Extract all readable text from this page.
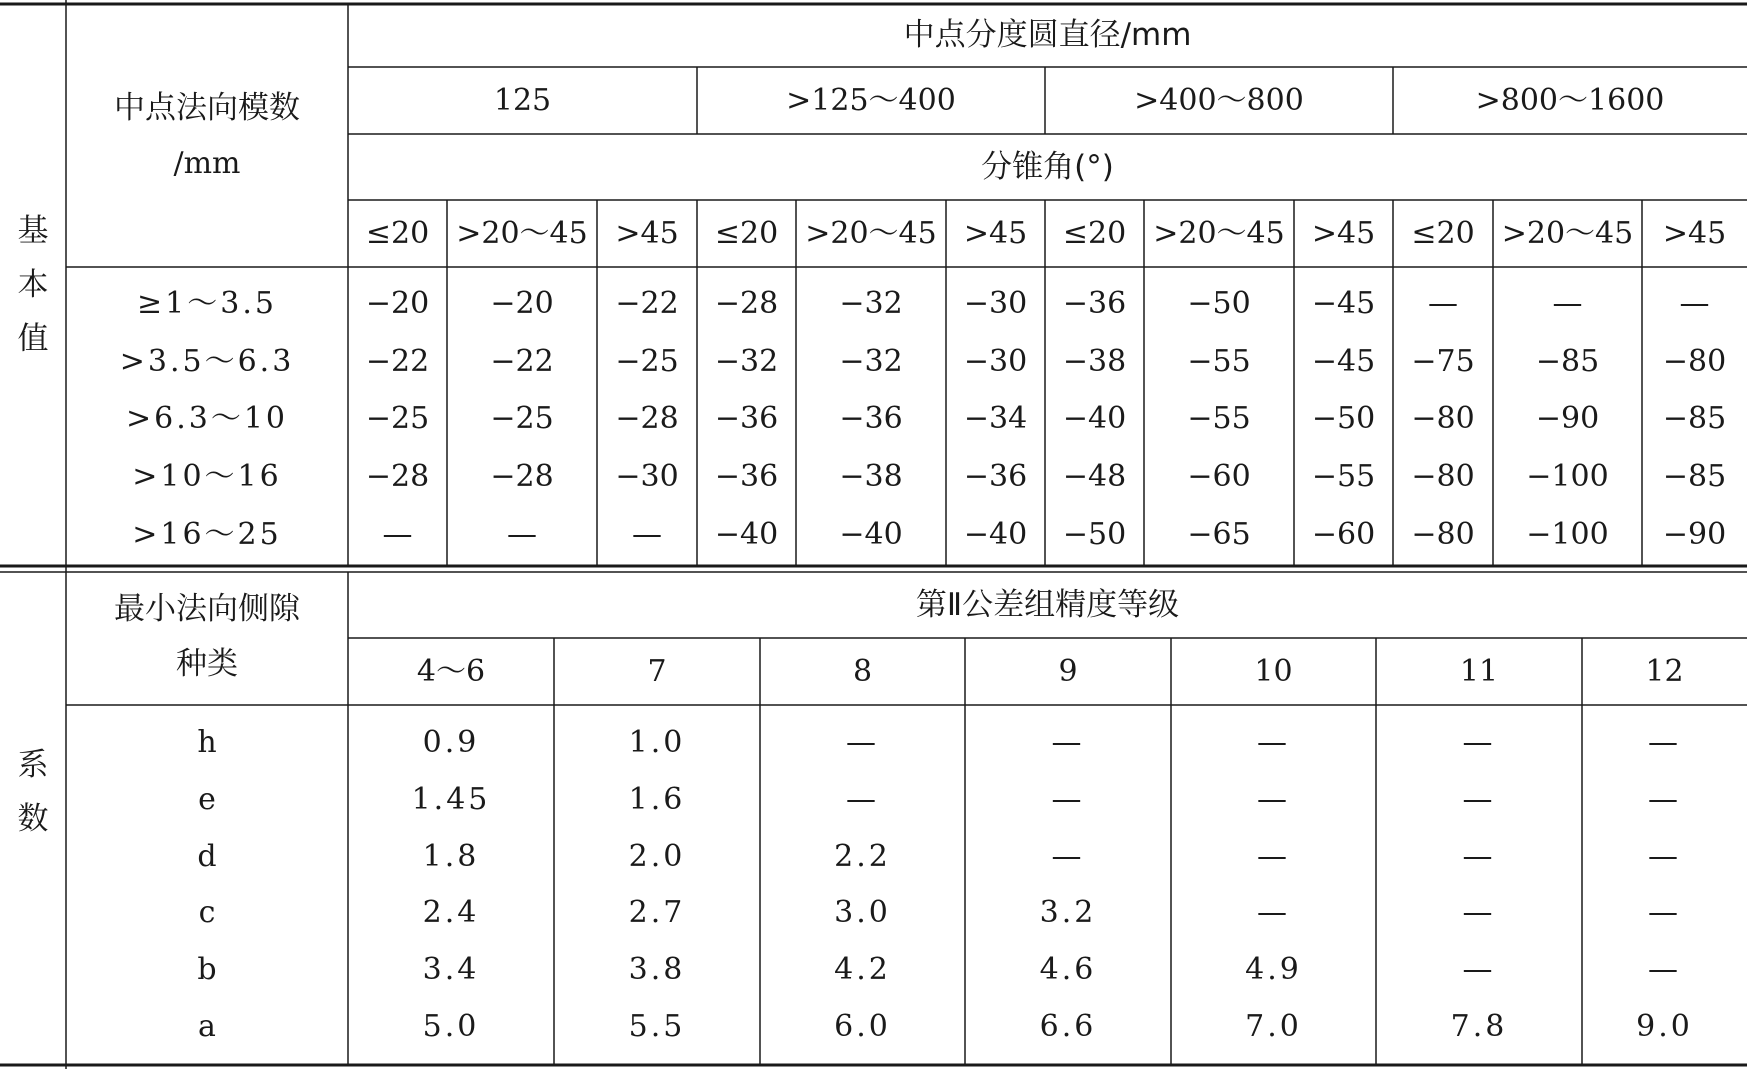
基
本
值
中点法向模数
/mm
中点分度圆直径/mm
125	>125～400	>400～800	>800～1600
分锥角(°)
≤20 >20～45 >45	≤20 >20～45 >45	≤20 >20～45 >45	≤20 >20～45 >45
≥1～3.5	−20	−20	−22	−28	−32	−30	−36	−50	−45	—	—	—
>3.5～6.3	−22	−22	−25	−32	−32	−30	−38	−55	−45	−75	−85	−80
>6.3～10	−25	−25	−28	−36	−36	−34	−40	−55	−50	−80	−90	−85
>10～16	−28	−28	−30	−36	−38	−36	−48	−60	−55	−80	−100	−85
>16～25	—	—	—	−40	−40	−40	−50	−65	−60	−80	−100	−90
系
数
最小法向侧隙
种类
第Ⅱ公差组精度等级
4～6	7	8	9	10	11	12
h	0.9	1.0	—	—	—	—	—
e	1.45	1.6	—	—	—	—	—
d	1.8	2.0	2.2	—	—	—	—
c	2.4	2.7	3.0	3.2	—	—	—
b	3.4	3.8	4.2	4.6	4.9	—	—
a	5.0	5.5	6.0	6.6	7.0	7.8	9.0
